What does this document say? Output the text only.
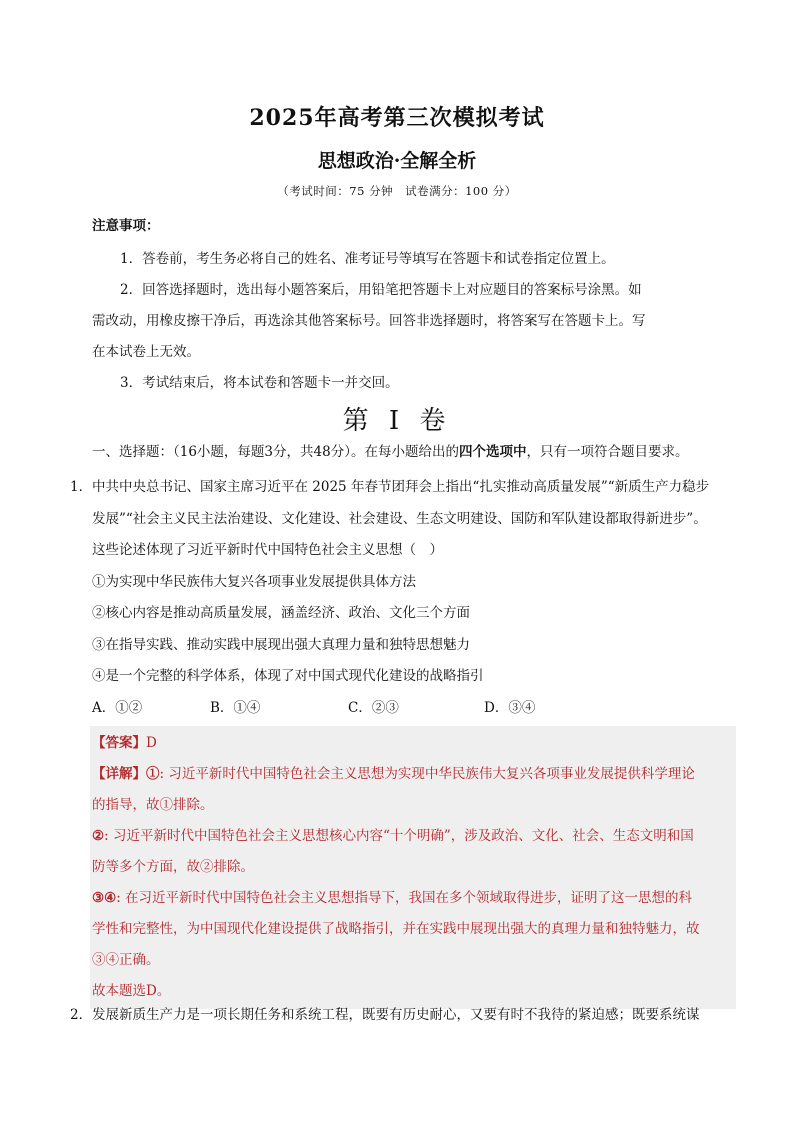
2025年高考第三次模拟考试
思想政治·全解全析
（考试时间：75 分钟　试卷满分：100 分）
注意事项：
1．答卷前，考生务必将自己的姓名、准考证号等填写在答题卡和试卷指定位置上。
2．回答选择题时，选出每小题答案后，用铅笔把答题卡上对应题目的答案标号涂黑。如
需改动，用橡皮擦干净后，再选涂其他答案标号。回答非选择题时，将答案写在答题卡上。写
在本试卷上无效。
3．考试结束后，将本试卷和答题卡一并交回。
第 I 卷
一、选择题：（16小题，每题3分，共48分）。在每小题给出的四个选项中，只有一项符合题目要求。
1． 中共中央总书记、国家主席习近平在 2025 年春节团拜会上指出“扎实推动高质量发展”“新质生产力稳步
发展”“社会主义民主法治建设、文化建设、社会建设、生态文明建设、国防和军队建设都取得新进步”。
这些论述体现了习近平新时代中国特色社会主义思想（　）
①为实现中华民族伟大复兴各项事业发展提供具体方法
②核心内容是推动高质量发展，涵盖经济、政治、文化三个方面
③在指导实践、推动实践中展现出强大真理力量和独特思想魅力
④是一个完整的科学体系，体现了对中国式现代化建设的战略指引
A．①②	B．①④	C．②③	D．③④
【答案】D
【详解】①: 习近平新时代中国特色社会主义思想为实现中华民族伟大复兴各项事业发展提供科学理论
的指导，故①排除。
②: 习近平新时代中国特色社会主义思想核心内容“十个明确”，涉及政治、文化、社会、生态文明和国
防等多个方面，故②排除。
③④: 在习近平新时代中国特色社会主义思想指导下，我国在多个领域取得进步，证明了这一思想的科
学性和完整性，为中国现代化建设提供了战略指引，并在实践中展现出强大的真理力量和独特魅力，故
③④正确。
故本题选D。
2． 发展新质生产力是一项长期任务和系统工程，既要有历史耐心，又要有时不我待的紧迫感；既要系统谋
